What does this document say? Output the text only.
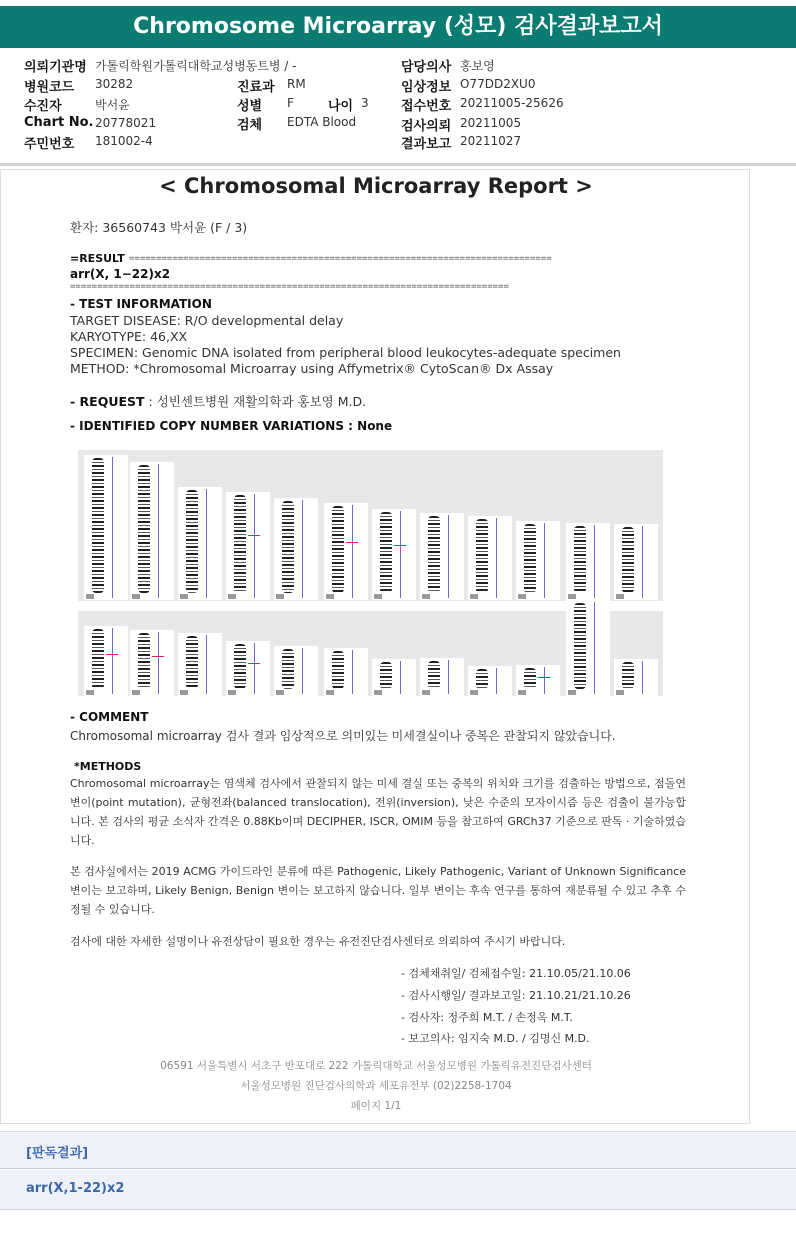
Chromosome Microarray (성모) 검사결과보고서
의뢰기관명 가톨릭학원가톨릭대학교성병동트병 / -
병원코드 30282
수진자	박서윤
Chart No. 20778021
주민번호 181002-4
진료과 RM
성별 F	나이 3
검체 EDTA Blood
담당의사 홍보영
임상정보 O77DD2XU0
접수번호 20211005-25626
검사의뢰 20211005
결과보고 20211027
< Chromosomal Microarray Report >
환자: 36560743 박서윤 (F / 3)
=RESULT ==============================================================================
arr(X, 1−22)x2
=================================================================================
- TEST INFORMATION
TARGET DISEASE: R/O developmental delay
KARYOTYPE: 46,XX
SPECIMEN: Genomic DNA isolated from peripheral blood leukocytes-adequate specimen
METHOD: *Chromosomal Microarray using Affymetrix® CytoScan® Dx Assay
- REQUEST : 성빈센트병원 재활의학과 홍보영 M.D.
- IDENTIFIED COPY NUMBER VARIATIONS : None
- COMMENT
Chromosomal microarray 검사 결과 임상적으로 의미있는 미세결실이나 중복은 관찰되지 않았습니다.
*METHODS
Chromosomal microarray는 염색체 검사에서 관찰되지 않는 미세 결실 또는 중복의 위치와 크기를 검출하는 방법으로, 점돌연변이(point mutation), 균형전좌(balanced translocation), 전위(inversion), 낮은 수준의 모자이시즘 등은 검출이 불가능합니다. 본 검사의 평균 소식자 간격은 0.88Kb이며 DECIPHER, ISCR, OMIM 등을 참고하여 GRCh37 기준으로 판독 · 기술하였습니다.
본 검사실에서는 2019 ACMG 가이드라인 분류에 따른 Pathogenic, Likely Pathogenic, Variant of Unknown Significance 변이는 보고하며, Likely Benign, Benign 변이는 보고하지 않습니다. 일부 변이는 후속 연구를 통하여 재분류될 수 있고 추후 수정될 수 있습니다.
검사에 대한 자세한 설명이나 유전상담이 필요한 경우는 유전진단검사센터로 의뢰하여 주시기 바랍니다.
- 검체채취일/ 검체접수일: 21.10.05/21.10.06
- 검사시행일/ 결과보고일: 21.10.21/21.10.26
- 검사자: 정주희 M.T. / 손정옥 M.T.
- 보고의사: 임지숙 M.D. / 김명신 M.D.
06591 서울특별시 서초구 반포대로 222 가톨릭대학교 서울성모병원 가톨릭유전진단검사센터
서울성모병원 진단검사의학과 세포유전부 (02)2258-1704
페이지 1/1
[판독결과]
arr(X,1-22)x2
